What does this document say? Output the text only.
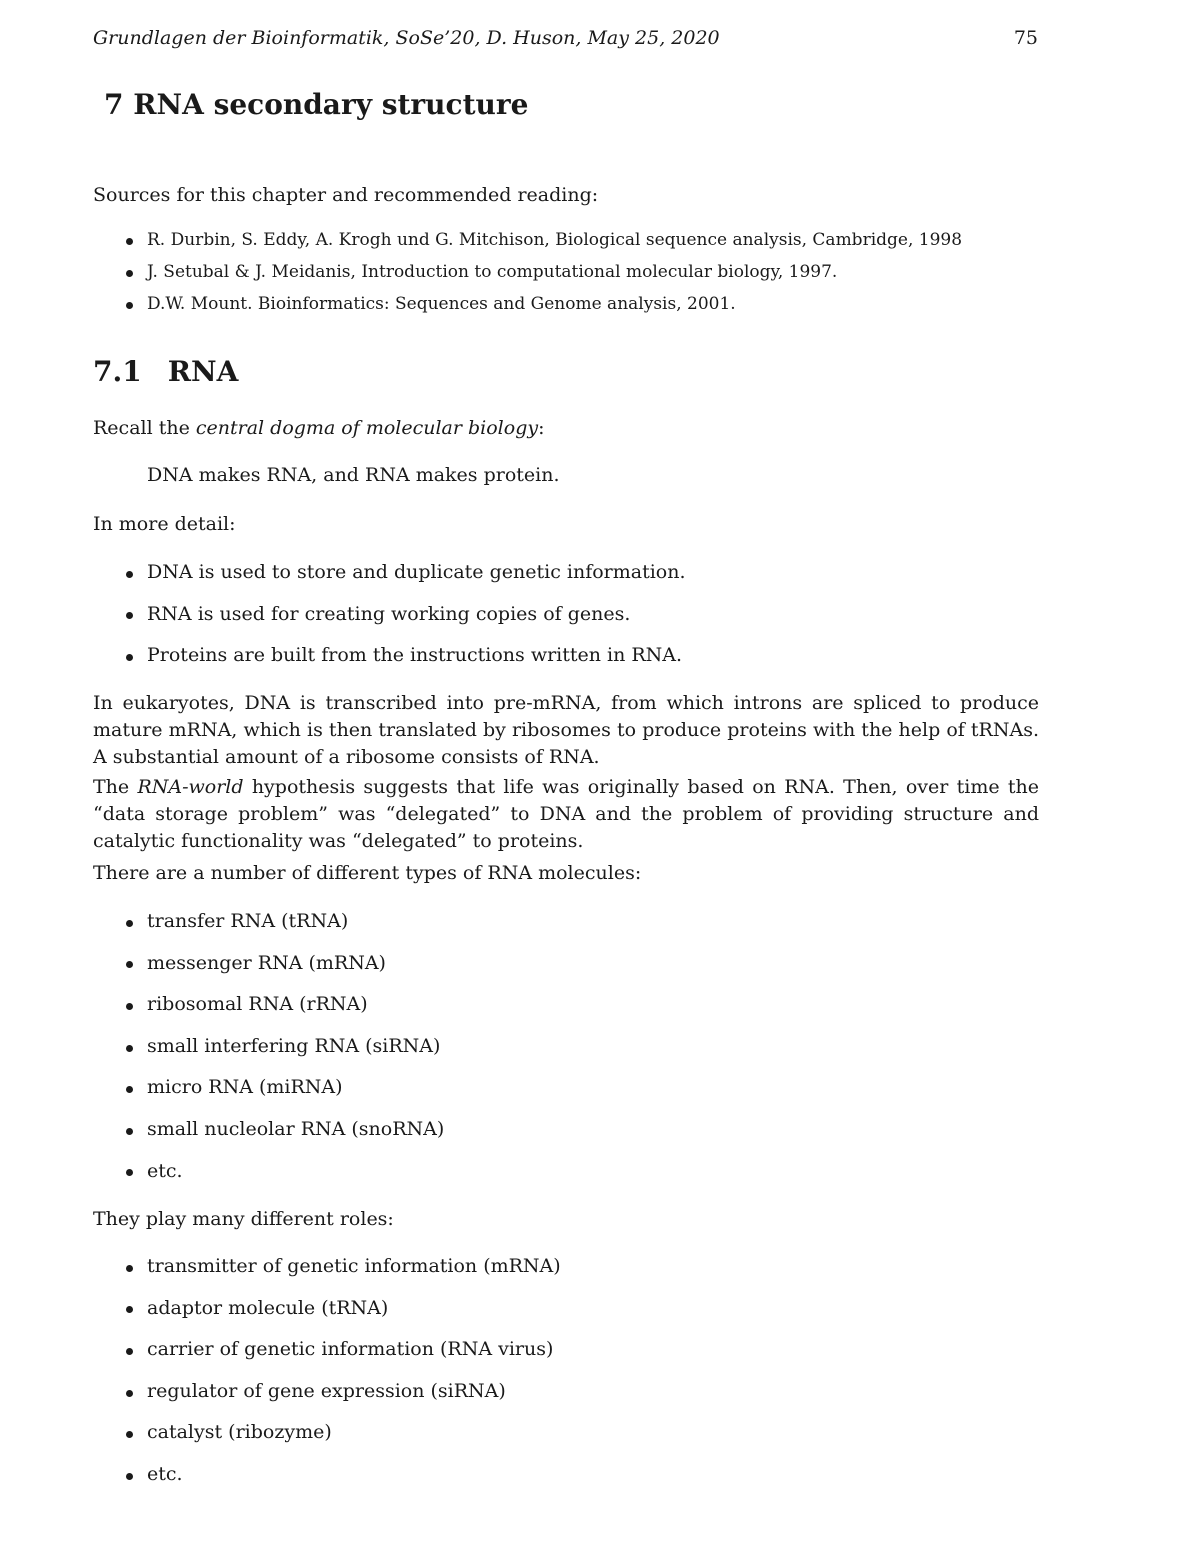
Grundlagen der Bioinformatik, SoSe’20, D. Huson, May 25, 2020	75
7 RNA secondary structure

Sources for this chapter and recommended reading:

R. Durbin, S. Eddy, A. Krogh und G. Mitchison, Biological sequence analysis, Cambridge, 1998
J. Setubal & J. Meidanis, Introduction to computational molecular biology, 1997.
D.W. Mount. Bioinformatics: Sequences and Genome analysis, 2001.
7.1 RNA

Recall the central dogma of molecular biology:

DNA makes RNA, and RNA makes protein.

In more detail:

DNA is used to store and duplicate genetic information.
RNA is used for creating working copies of genes.
Proteins are built from the instructions written in RNA.

In eukaryotes, DNA is transcribed into pre-mRNA, from which introns are spliced to produce mature mRNA, which is then translated by ribosomes to produce proteins with the help of tRNAs. A substantial amount of a ribosome consists of RNA.

The RNA-world hypothesis suggests that life was originally based on RNA. Then, over time the “data storage problem” was “delegated” to DNA and the problem of providing structure and catalytic functionality was “delegated” to proteins.

There are a number of different types of RNA molecules:

transfer RNA (tRNA)
messenger RNA (mRNA)
ribosomal RNA (rRNA)
small interfering RNA (siRNA)
micro RNA (miRNA)
small nucleolar RNA (snoRNA)
etc.

They play many different roles:

transmitter of genetic information (mRNA)
adaptor molecule (tRNA)
carrier of genetic information (RNA virus)
regulator of gene expression (siRNA)
catalyst (ribozyme)
etc.
